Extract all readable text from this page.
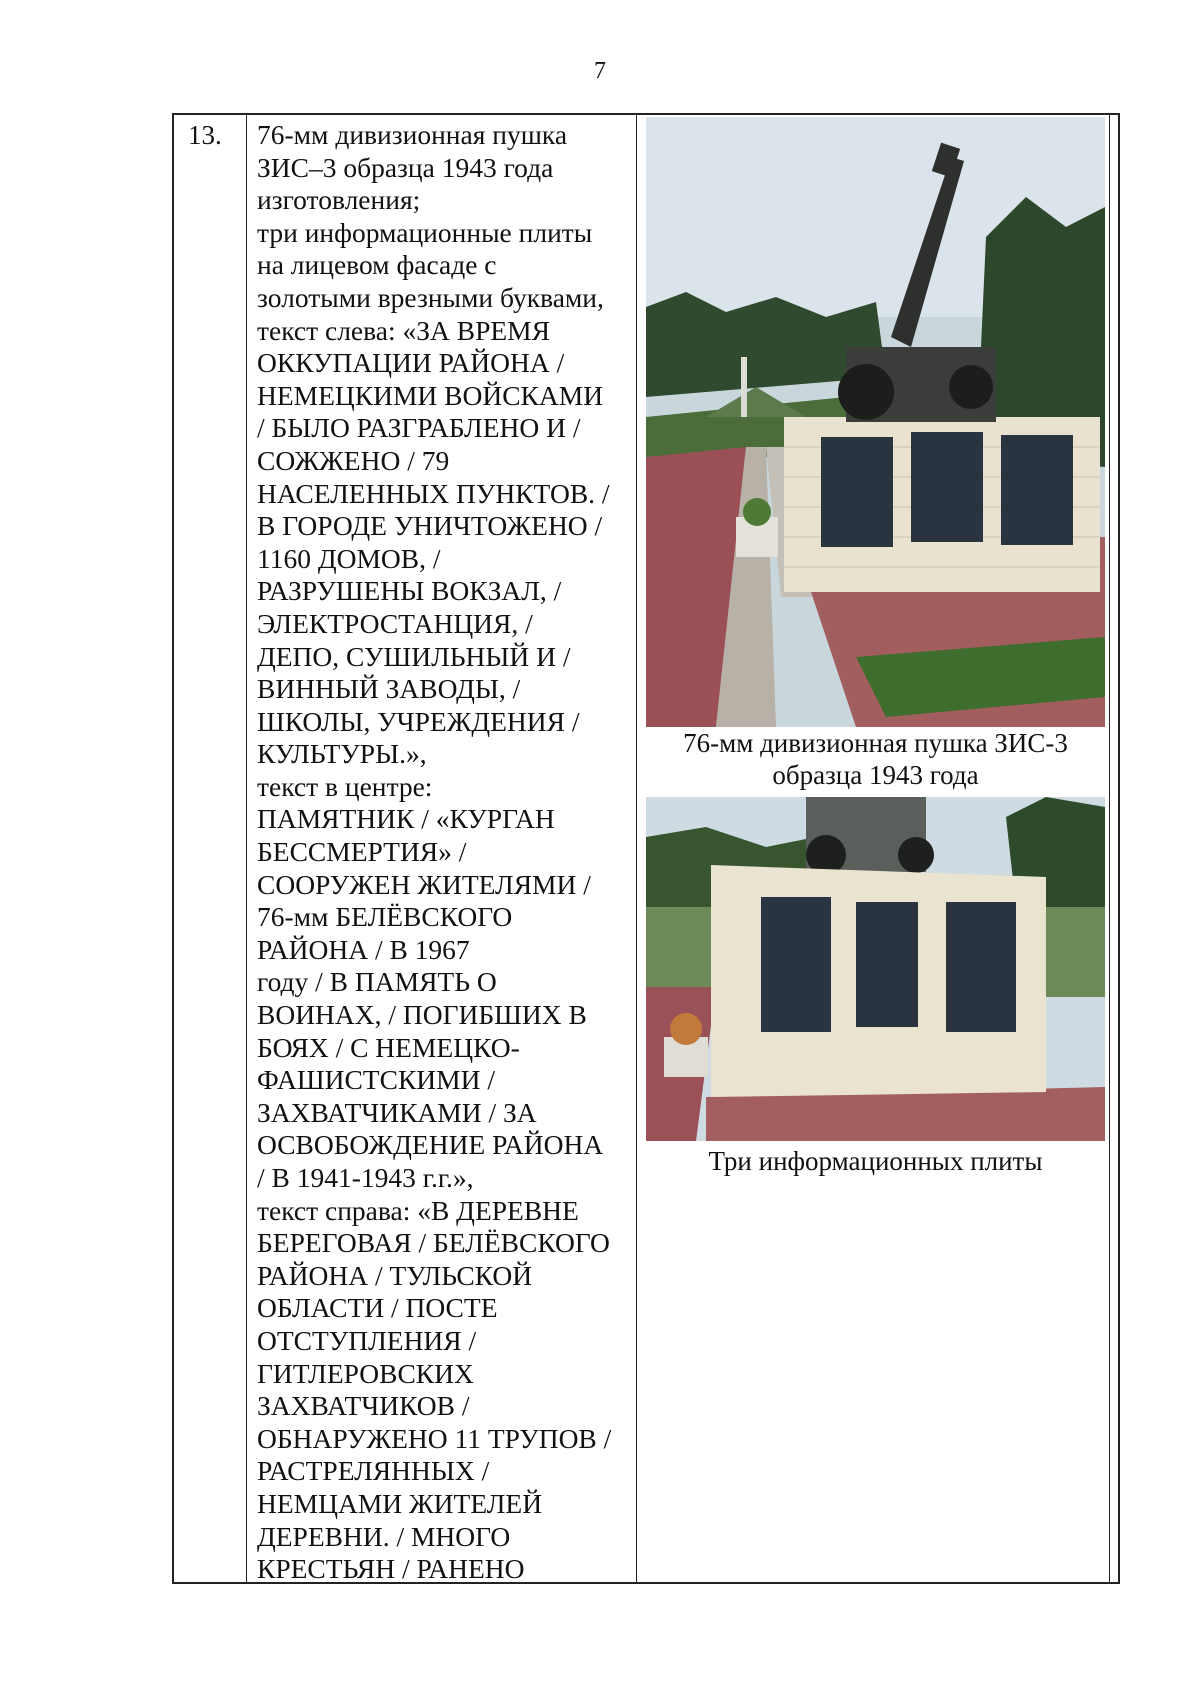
7
13. 76-мм дивизионная пушка
ЗИС–3 образца 1943 года
изготовления;
три информационные плиты
на лицевом фасаде с
золотыми врезными буквами,
текст слева: «ЗА ВРЕМЯ
ОККУПАЦИИ РАЙОНА /
НЕМЕЦКИМИ ВОЙСКАМИ
/ БЫЛО РАЗГРАБЛЕНО И /
СОЖЖЕНО / 79
НАСЕЛЕННЫХ ПУНКТОВ. /
В ГОРОДЕ УНИЧТОЖЕНО /
1160 ДОМОВ, /
РАЗРУШЕНЫ ВОКЗАЛ, /
ЭЛЕКТРОСТАНЦИЯ, /
ДЕПО, СУШИЛЬНЫЙ И /
ВИННЫЙ ЗАВОДЫ, /
ШКОЛЫ, УЧРЕЖДЕНИЯ /
КУЛЬТУРЫ.»,
текст в центре:
ПАМЯТНИК / «КУРГАН
БЕССМЕРТИЯ» /
СООРУЖЕН ЖИТЕЛЯМИ /
76-мм БЕЛЁВСКОГО
РАЙОНА / В 1967
году / В ПАМЯТЬ О
ВОИНАХ, / ПОГИБШИХ В
БОЯХ / С НЕМЕЦКО-
ФАШИСТСКИМИ /
ЗАХВАТЧИКАМИ / ЗА
ОСВОБОЖДЕНИЕ РАЙОНА
/ В 1941-1943 г.г.»,
текст справа: «В ДЕРЕВНЕ
БЕРЕГОВАЯ / БЕЛЁВСКОГО
РАЙОНА / ТУЛЬСКОЙ
ОБЛАСТИ / ПОСТЕ
ОТСТУПЛЕНИЯ /
ГИТЛЕРОВСКИХ
ЗАХВАТЧИКОВ /
ОБНАРУЖЕНО 11 ТРУПОВ /
РАСТРЕЛЯННЫХ /
НЕМЦАМИ ЖИТЕЛЕЙ
ДЕРЕВНИ. / МНОГО
КРЕСТЬЯН / РАНЕНО
76-мм дивизионная пушка ЗИС-3
образца 1943 года
Три информационных плиты
